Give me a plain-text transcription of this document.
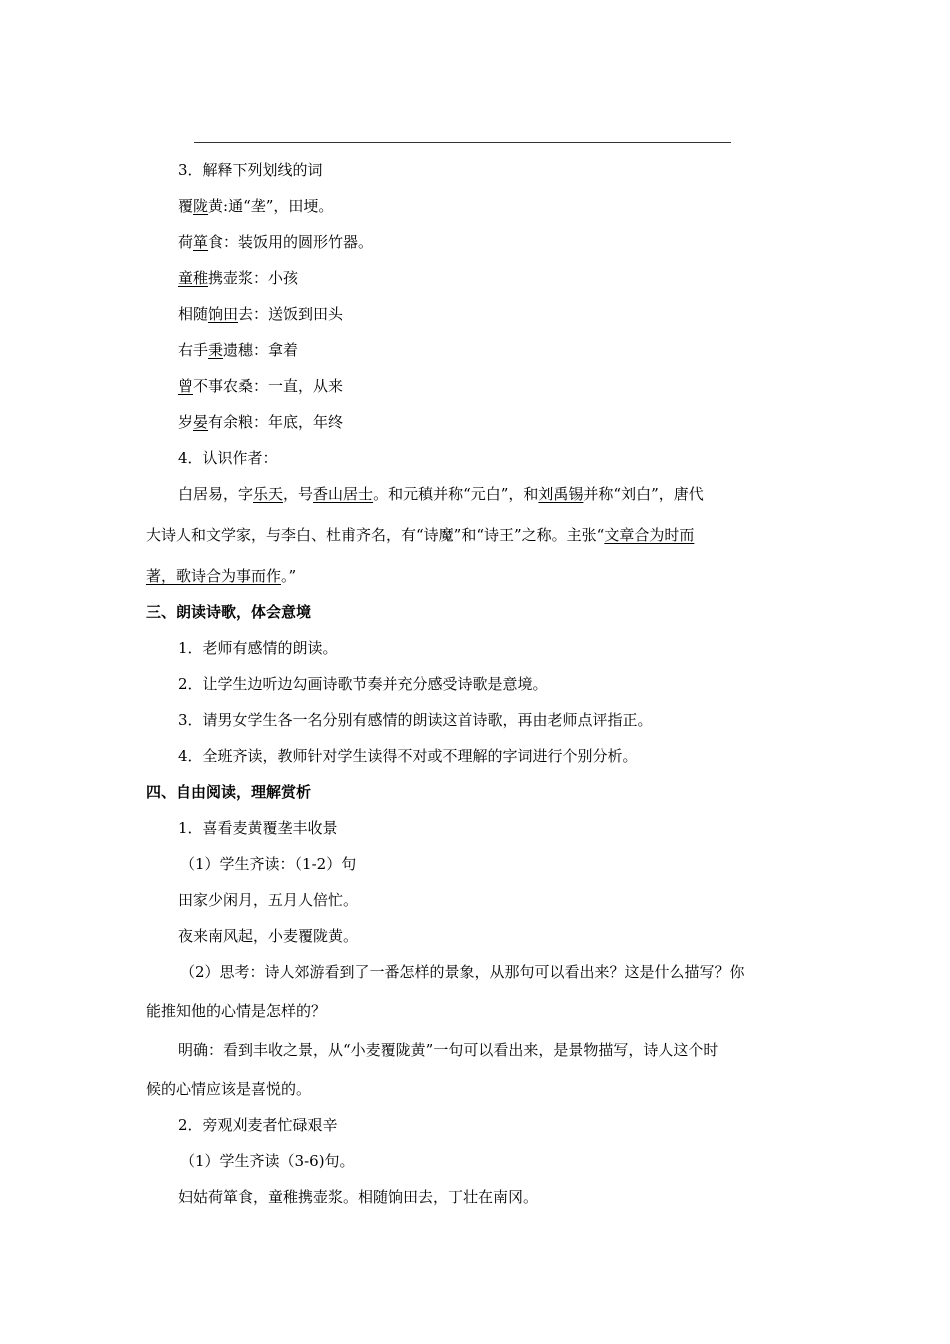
3．解释下列划线的词
覆陇黄:通“垄”，田埂。
荷箪食：装饭用的圆形竹器。
童稚携壶浆：小孩
相随饷田去：送饭到田头
右手秉遗穗：拿着
曾不事农桑：一直，从来
岁晏有余粮：年底，年终
4．认识作者：
白居易，字乐天，号香山居士。和元稹并称“元白”，和刘禹锡并称“刘白”，唐代
大诗人和文学家，与李白、杜甫齐名，有“诗魔”和“诗王”之称。主张“文章合为时而
著，歌诗合为事而作。”
三、朗读诗歌，体会意境
1．老师有感情的朗读。
2．让学生边听边勾画诗歌节奏并充分感受诗歌是意境。
3．请男女学生各一名分别有感情的朗读这首诗歌，再由老师点评指正。
4．全班齐读，教师针对学生读得不对或不理解的字词进行个别分析。
四、自由阅读，理解赏析
1．喜看麦黄覆垄丰收景
（1）学生齐读：（1-2）句
田家少闲月，五月人倍忙。
夜来南风起，小麦覆陇黄。
（2）思考：诗人郊游看到了一番怎样的景象，从那句可以看出来？这是什么描写？你
能推知他的心情是怎样的？
明确：看到丰收之景，从“小麦覆陇黄”一句可以看出来，是景物描写，诗人这个时
候的心情应该是喜悦的。
2．旁观刈麦者忙碌艰辛
（1）学生齐读（3-6)句。
妇姑荷箪食，童稚携壶浆。相随饷田去，丁壮在南冈。
